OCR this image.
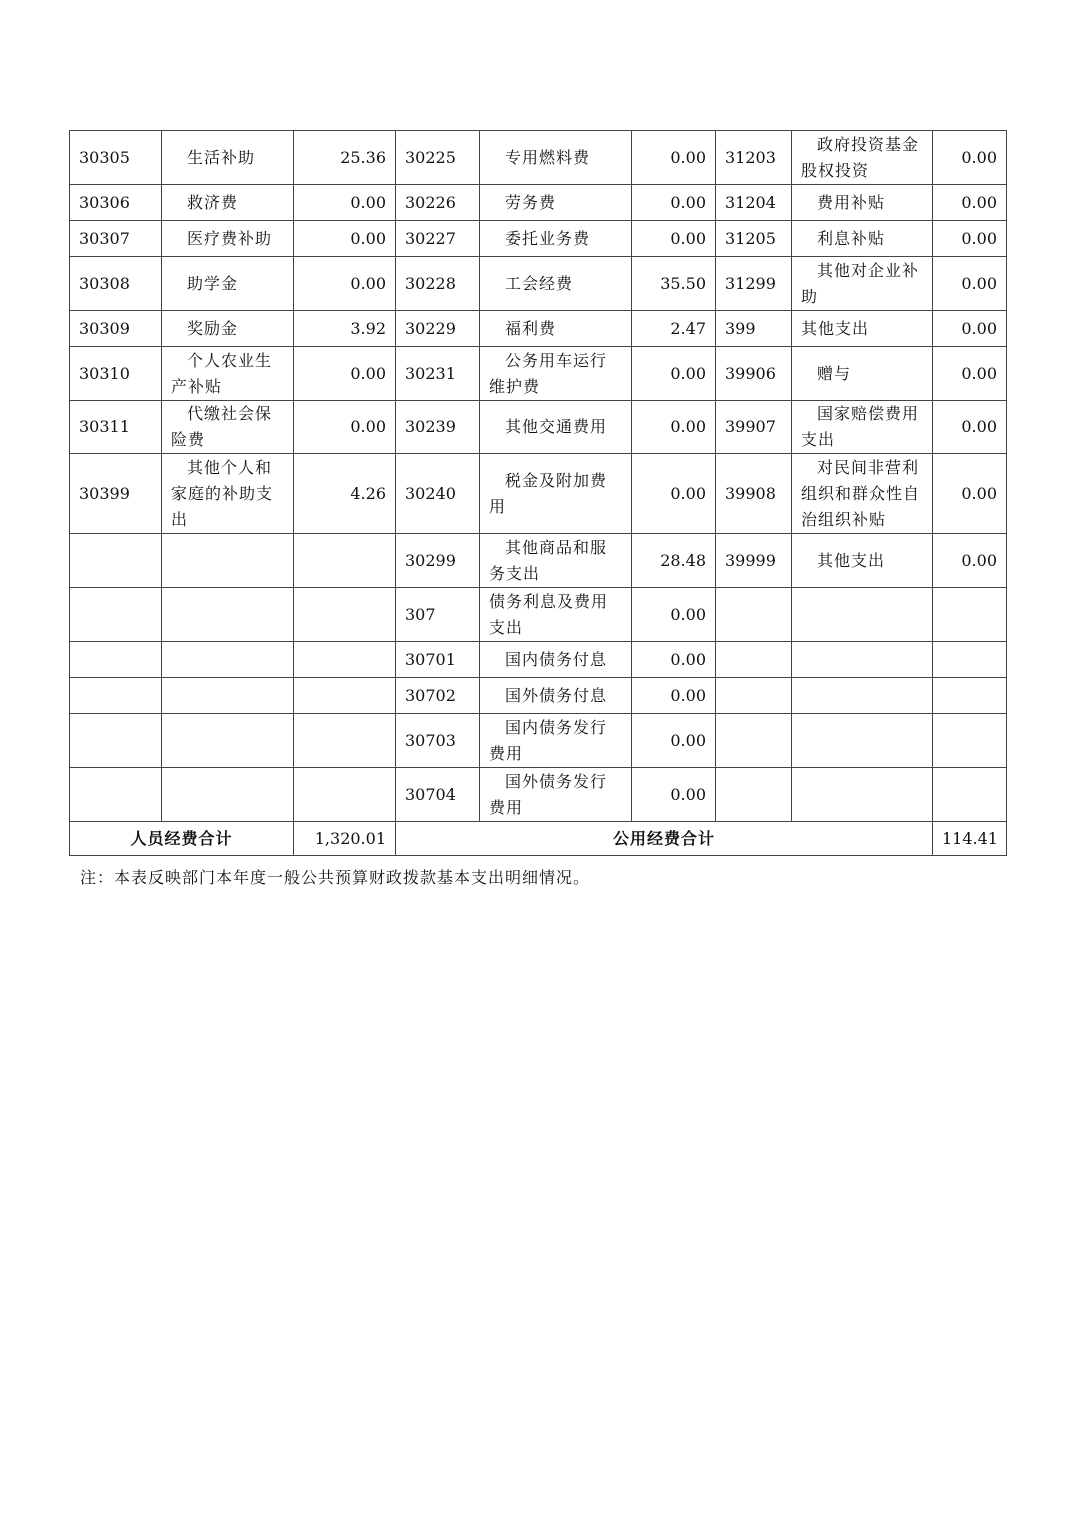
30305	生活补助	25.36	30225	专用燃料费	0.00	31203	政府投资基金股权投资	0.00
30306	救济费	0.00	30226	劳务费	0.00	31204	费用补贴	0.00
30307	医疗费补助	0.00	30227	委托业务费	0.00	31205	利息补贴	0.00
30308	助学金	0.00	30228	工会经费	35.50	31299	其他对企业补助	0.00
30309	奖励金	3.92	30229	福利费	2.47	399	其他支出	0.00
30310	个人农业生产补贴	0.00	30231	公务用车运行维护费	0.00	39906	赠与	0.00
30311	代缴社会保险费	0.00	30239	其他交通费用	0.00	39907	国家赔偿费用支出	0.00
30399	其他个人和家庭的补助支出	4.26	30240	税金及附加费用	0.00	39908	对民间非营利组织和群众性自治组织补贴	0.00
			30299	其他商品和服务支出	28.48	39999	其他支出	0.00
			307	债务利息及费用支出	0.00			
			30701	国内债务付息	0.00			
			30702	国外债务付息	0.00			
			30703	国内债务发行费用	0.00			
			30704	国外债务发行费用	0.00			
人员经费合计		1,320.01	公用经费合计					114.41
注：本表反映部门本年度一般公共预算财政拨款基本支出明细情况。
